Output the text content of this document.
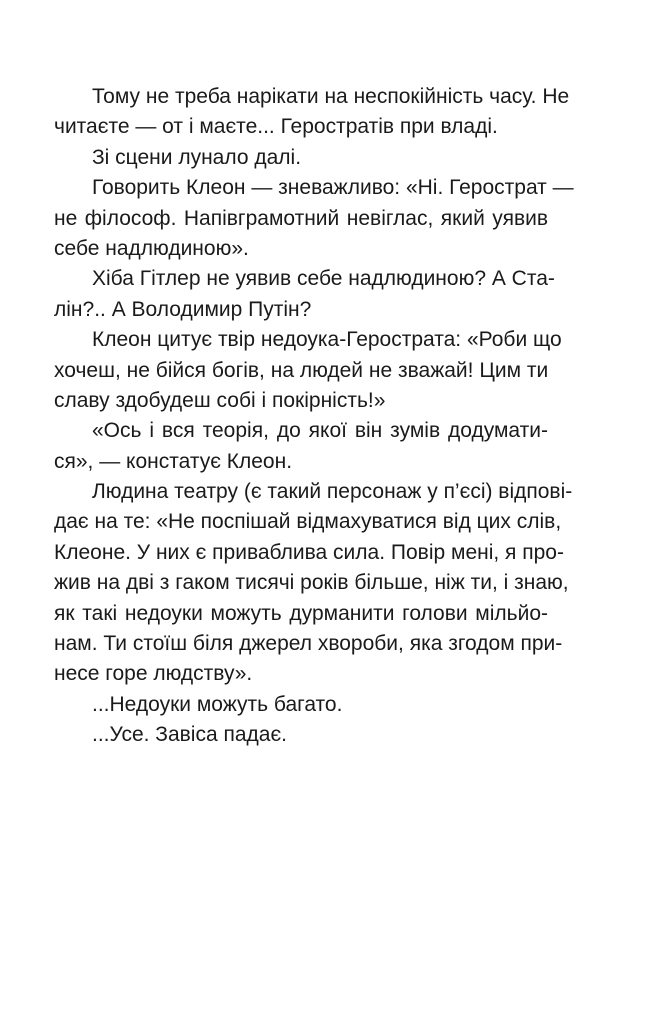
Тому не треба нарікати на неспокійність часу. Не
читаєте — от і маєте... Геростратів при владі.
Зі сцени лунало далі.
Говорить Клеон — зневажливо: «Ні. Герострат —
не філософ. Напівграмотний невіглас, який уявив
себе надлюдиною».
Хіба Гітлер не уявив себе надлюдиною? А Ста-
лін?.. А Володимир Путін?
Клеон цитує твір недоука-Герострата: «Роби що
хочеш, не бійся богів, на людей не зважай! Цим ти
славу здобудеш собі і покірність!»
«Ось і вся теорія, до якої він зумів додумати-
ся», — констатує Клеон.
Людина театру (є такий персонаж у п’єсі) відпові-
дає на те: «Не поспішай відмахуватися від цих слів,
Клеоне. У них є приваблива сила. Повір мені, я про-
жив на дві з гаком тисячі років більше, ніж ти, і знаю,
як такі недоуки можуть дурманити голови мільйо-
нам. Ти стоїш біля джерел хвороби, яка згодом при-
несе горе людству».
...Недоуки можуть багато.
...Усе. Завіса падає.
